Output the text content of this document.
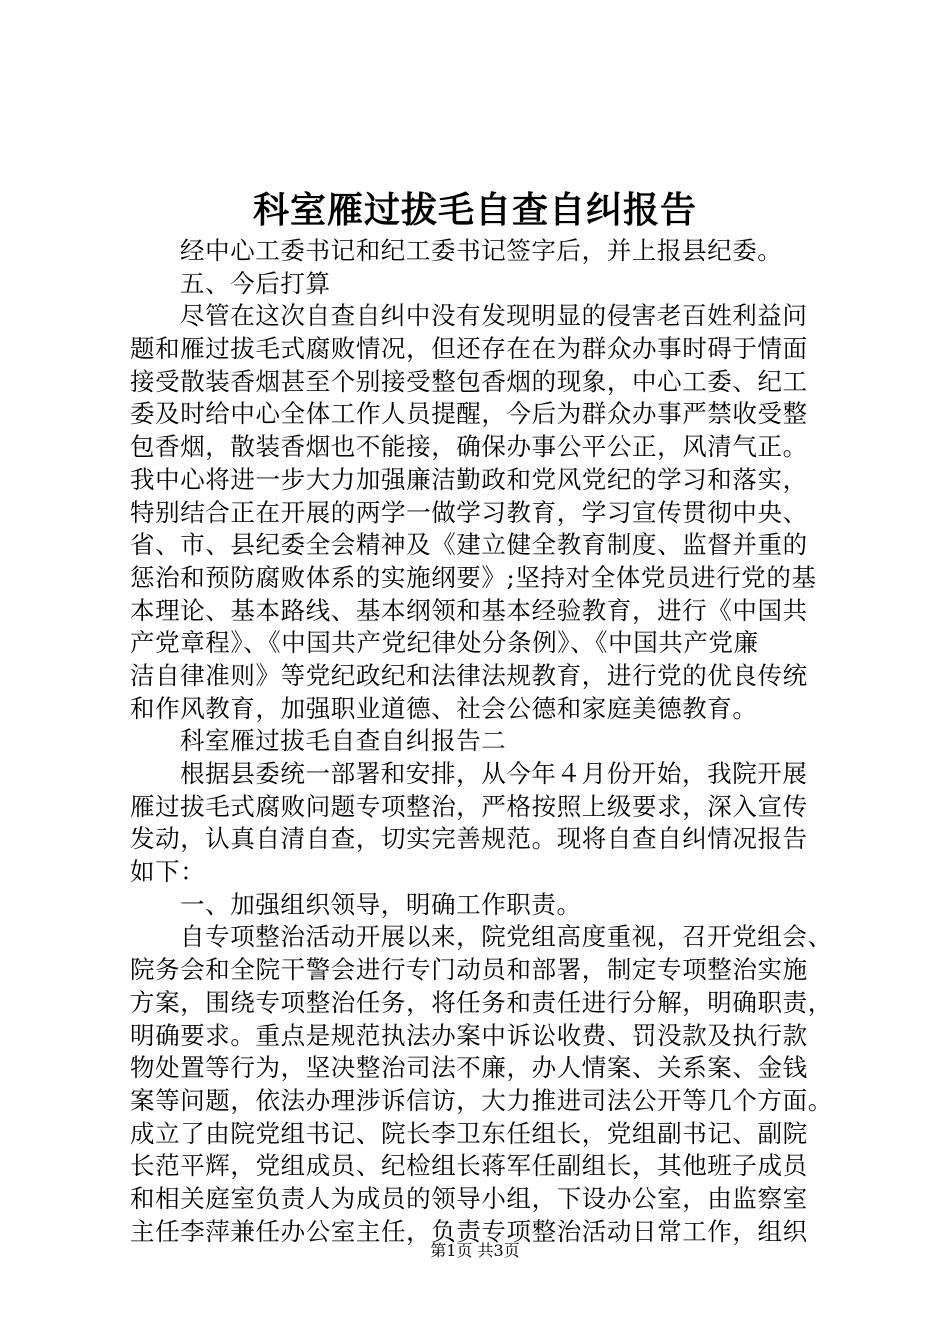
科室雁过拔毛自查自纠报告
经中心工委书记和纪工委书记签字后，并上报县纪委。
五、今后打算
尽管在这次自查自纠中没有发现明显的侵害老百姓利益问
题和雁过拔毛式腐败情况，但还存在在为群众办事时碍于情面
接受散装香烟甚至个别接受整包香烟的现象，中心工委、纪工
委及时给中心全体工作人员提醒，今后为群众办事严禁收受整
包香烟，散装香烟也不能接，确保办事公平公正，风清气正。
我中心将进一步大力加强廉洁勤政和党风党纪的学习和落实，
特别结合正在开展的两学一做学习教育，学习宣传贯彻中央、
省、市、县纪委全会精神及《建立健全教育制度、监督并重的
惩治和预防腐败体系的实施纲要》;坚持对全体党员进行党的基
本理论、基本路线、基本纲领和基本经验教育，进行《中国共
产党章程》、《中国共产党纪律处分条例》、《中国共产党廉
洁自律准则》等党纪政纪和法律法规教育，进行党的优良传统
和作风教育，加强职业道德、社会公德和家庭美德教育。
科室雁过拔毛自查自纠报告二
根据县委统一部署和安排，从今年４月份开始，我院开展
雁过拔毛式腐败问题专项整治，严格按照上级要求，深入宣传
发动，认真自清自查，切实完善规范。现将自查自纠情况报告
如下：
一、加强组织领导，明确工作职责。
自专项整治活动开展以来，院党组高度重视，召开党组会、
院务会和全院干警会进行专门动员和部署，制定专项整治实施
方案，围绕专项整治任务，将任务和责任进行分解，明确职责，
明确要求。重点是规范执法办案中诉讼收费、罚没款及执行款
物处置等行为，坚决整治司法不廉，办人情案、关系案、金钱
案等问题，依法办理涉诉信访，大力推进司法公开等几个方面。
成立了由院党组书记、院长李卫东任组长，党组副书记、副院
长范平辉，党组成员、纪检组长蒋军任副组长，其他班子成员
和相关庭室负责人为成员的领导小组，下设办公室，由监察室
主任李萍兼任办公室主任，负责专项整治活动日常工作，组织
第1页 共3页
